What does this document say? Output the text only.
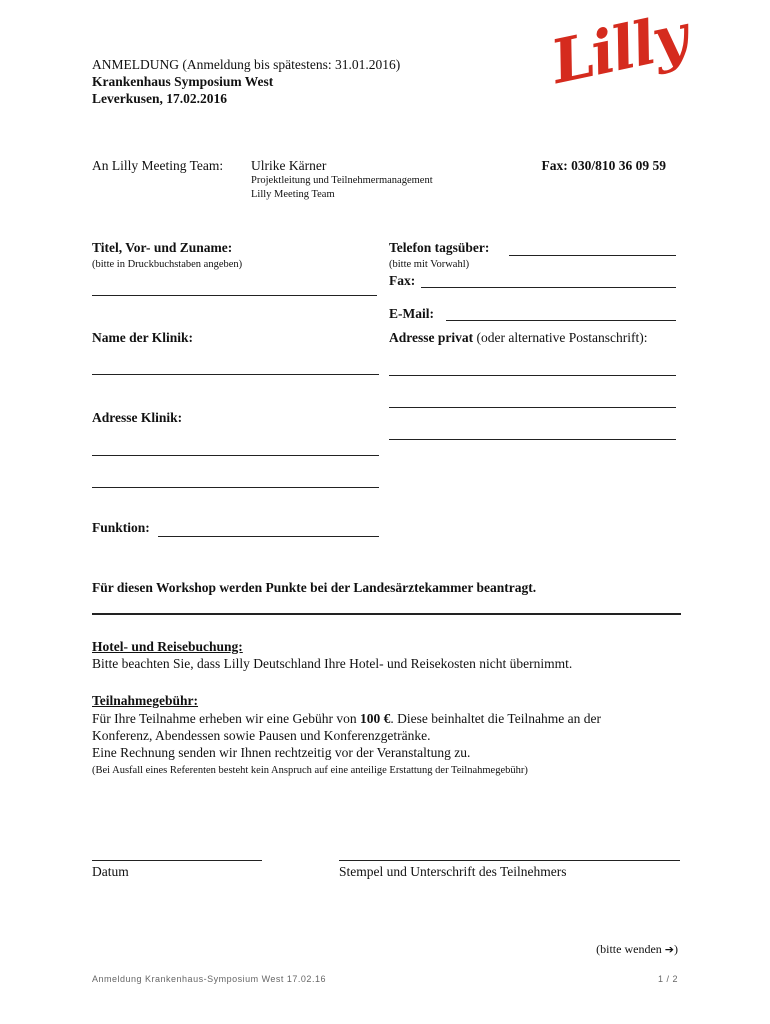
ANMELDUNG (Anmeldung bis spätestens: 31.01.2016)
Krankenhaus Symposium West
Leverkusen, 17.02.2016
Lilly
An Lilly Meeting Team: Ulrike Kärner
Projektleitung und Teilnehmermanagement
Lilly Meeting Team
Fax: 030/810 36 09 59
Titel, Vor- und Zuname:
(bitte in Druckbuchstaben angeben)
Name der Klinik:
Adresse Klinik:
Funktion:
Telefon tagsüber:
(bitte mit Vorwahl)
Fax:
E-Mail:
Adresse privat (oder alternative Postanschrift):
Für diesen Workshop werden Punkte bei der Landesärztekammer beantragt.
Hotel- und Reisebuchung:
Bitte beachten Sie, dass Lilly Deutschland Ihre Hotel- und Reisekosten nicht übernimmt.
Teilnahmegebühr:
Für Ihre Teilnahme erheben wir eine Gebühr von 100 €. Diese beinhaltet die Teilnahme an der
Konferenz, Abendessen sowie Pausen und Konferenzgetränke.
Eine Rechnung senden wir Ihnen rechtzeitig vor der Veranstaltung zu.
(Bei Ausfall eines Referenten besteht kein Anspruch auf eine anteilige Erstattung der Teilnahmegebühr)
Datum	Stempel und Unterschrift des Teilnehmers
(bitte wenden ➔)
Anmeldung Krankenhaus-Symposium West 17.02.16	1 / 2
